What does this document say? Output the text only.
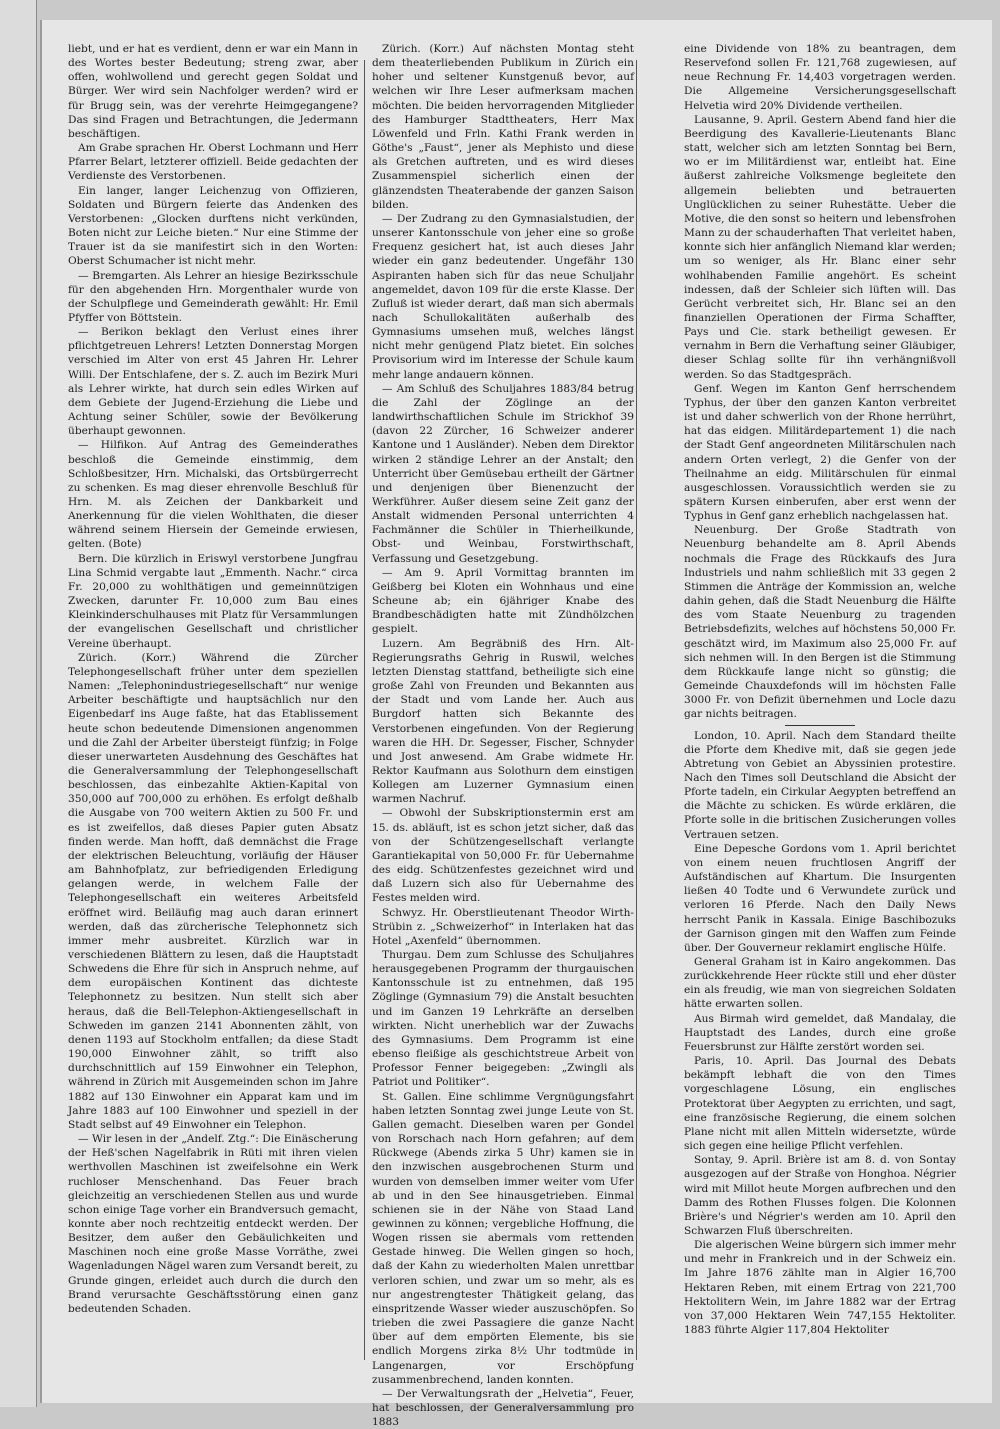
liebt, und er hat es verdient, denn er war ein Mann in des Wortes bester Bedeutung; streng zwar, aber offen, wohlwollend und gerecht gegen Soldat und Bürger. Wer wird sein Nachfolger werden? wird er für Brugg sein, was der verehrte Heimgegangene? Das sind Fragen und Betrachtungen, die Jedermann beschäftigen.

Am Grabe sprachen Hr. Oberst Lochmann und Herr Pfarrer Belart, letzterer offiziell. Beide gedachten der Verdienste des Verstorbenen.

Ein langer, langer Leichenzug von Offizieren, Soldaten und Bürgern feierte das Andenken des Verstorbenen: „Glocken durftens nicht verkünden, Boten nicht zur Leiche bieten.“ Nur eine Stimme der Trauer ist da sie manifestirt sich in den Worten: Oberst Schumacher ist nicht mehr.

— Bremgarten. Als Lehrer an hiesige Bezirksschule für den abgehenden Hrn. Morgenthaler wurde von der Schulpflege und Gemeinderath gewählt: Hr. Emil Pfyffer von Böttstein.

— Berikon beklagt den Verlust eines ihrer pflichtgetreuen Lehrers! Letzten Donnerstag Morgen verschied im Alter von erst 45 Jahren Hr. Lehrer Willi. Der Entschlafene, der s. Z. auch im Bezirk Muri als Lehrer wirkte, hat durch sein edles Wirken auf dem Gebiete der Jugend-Erziehung die Liebe und Achtung seiner Schüler, sowie der Bevölkerung überhaupt gewonnen.

— Hilfikon. Auf Antrag des Gemeinderathes beschloß die Gemeinde einstimmig, dem Schloßbesitzer, Hrn. Michalski, das Ortsbürgerrecht zu schenken. Es mag dieser ehrenvolle Beschluß für Hrn. M. als Zeichen der Dankbarkeit und Anerkennung für die vielen Wohlthaten, die dieser während seinem Hiersein der Gemeinde erwiesen, gelten. (Bote)

Bern. Die kürzlich in Eriswyl verstorbene Jungfrau Lina Schmid vergabte laut „Emmenth. Nachr.“ circa Fr. 20,000 zu wohlthätigen und gemeinnützigen Zwecken, darunter Fr. 10,000 zum Bau eines Kleinkinderschulhauses mit Platz für Versammlungen der evangelischen Gesellschaft und christlicher Vereine überhaupt.

Zürich. (Korr.) Während die Zürcher Telephongesellschaft früher unter dem speziellen Namen: „Telephonindustriegesellschaft“ nur wenige Arbeiter beschäftigte und hauptsächlich nur den Eigenbedarf ins Auge faßte, hat das Etablissement heute schon bedeutende Dimensionen angenommen und die Zahl der Arbeiter übersteigt fünfzig; in Folge dieser unerwarteten Ausdehnung des Geschäftes hat die Generalversammlung der Telephongesellschaft beschlossen, das einbezahlte Aktien-Kapital von 350,000 auf 700,000 zu erhöhen. Es erfolgt deßhalb die Ausgabe von 700 weitern Aktien zu 500 Fr. und es ist zweifellos, daß dieses Papier guten Absatz finden werde. Man hofft, daß demnächst die Frage der elektrischen Beleuchtung, vorläufig der Häuser am Bahnhofplatz, zur befriedigenden Erledigung gelangen werde, in welchem Falle der Telephongesellschaft ein weiteres Arbeitsfeld eröffnet wird. Beiläufig mag auch daran erinnert werden, daß das zürcherische Telephonnetz sich immer mehr ausbreitet. Kürzlich war in verschiedenen Blättern zu lesen, daß die Hauptstadt Schwedens die Ehre für sich in Anspruch nehme, auf dem europäischen Kontinent das dichteste Telephonnetz zu besitzen. Nun stellt sich aber heraus, daß die Bell-Telephon-Aktiengesellschaft in Schweden im ganzen 2141 Abonnenten zählt, von denen 1193 auf Stockholm entfallen; da diese Stadt 190,000 Einwohner zählt, so trifft also durchschnittlich auf 159 Einwohner ein Telephon, während in Zürich mit Ausgemeinden schon im Jahre 1882 auf 130 Einwohner ein Apparat kam und im Jahre 1883 auf 100 Einwohner und speziell in der Stadt selbst auf 49 Einwohner ein Telephon.

— Wir lesen in der „Andelf. Ztg.“: Die Einäscherung der Heß'schen Nagelfabrik in Rüti mit ihren vielen werthvollen Maschinen ist zweifelsohne ein Werk ruchloser Menschenhand. Das Feuer brach gleichzeitig an verschiedenen Stellen aus und wurde schon einige Tage vorher ein Brandversuch gemacht, konnte aber noch rechtzeitig entdeckt werden. Der Besitzer, dem außer den Gebäulichkeiten und Maschinen noch eine große Masse Vorräthe, zwei Wagenladungen Nägel waren zum Versandt bereit, zu Grunde gingen, erleidet auch durch die durch den Brand verursachte Geschäftsstörung einen ganz bedeutenden Schaden.

Zürich. (Korr.) Auf nächsten Montag steht dem theaterliebenden Publikum in Zürich ein hoher und seltener Kunstgenuß bevor, auf welchen wir Ihre Leser aufmerksam machen möchten. Die beiden hervorragenden Mitglieder des Hamburger Stadttheaters, Herr Max Löwenfeld und Frln. Kathi Frank werden in Göthe's „Faust“, jener als Mephisto und diese als Gretchen auftreten, und es wird dieses Zusammenspiel sicherlich einen der glänzendsten Theaterabende der ganzen Saison bilden.

— Der Zudrang zu den Gymnasialstudien, der unserer Kantonsschule von jeher eine so große Frequenz gesichert hat, ist auch dieses Jahr wieder ein ganz bedeutender. Ungefähr 130 Aspiranten haben sich für das neue Schuljahr angemeldet, davon 109 für die erste Klasse. Der Zufluß ist wieder derart, daß man sich abermals nach Schullokalitäten außerhalb des Gymnasiums umsehen muß, welches längst nicht mehr genügend Platz bietet. Ein solches Provisorium wird im Interesse der Schule kaum mehr lange andauern können.

— Am Schluß des Schuljahres 1883/84 betrug die Zahl der Zöglinge an der landwirthschaftlichen Schule im Strickhof 39 (davon 22 Zürcher, 16 Schweizer anderer Kantone und 1 Ausländer). Neben dem Direktor wirken 2 ständige Lehrer an der Anstalt; den Unterricht über Gemüsebau ertheilt der Gärtner und denjenigen über Bienenzucht der Werkführer. Außer diesem seine Zeit ganz der Anstalt widmenden Personal unterrichten 4 Fachmänner die Schüler in Thierheilkunde, Obst- und Weinbau, Forstwirthschaft, Verfassung und Gesetzgebung.

— Am 9. April Vormittag brannten im Geißberg bei Kloten ein Wohnhaus und eine Scheune ab; ein 6jähriger Knabe des Brandbeschädigten hatte mit Zündhölzchen gespielt.

Luzern. Am Begräbniß des Hrn. Alt-Regierungsraths Gehrig in Ruswil, welches letzten Dienstag stattfand, betheiligte sich eine große Zahl von Freunden und Bekannten aus der Stadt und vom Lande her. Auch aus Burgdorf hatten sich Bekannte des Verstorbenen eingefunden. Von der Regierung waren die HH. Dr. Segesser, Fischer, Schnyder und Jost anwesend. Am Grabe widmete Hr. Rektor Kaufmann aus Solothurn dem einstigen Kollegen am Luzerner Gymnasium einen warmen Nachruf.

— Obwohl der Subskriptionstermin erst am 15. ds. abläuft, ist es schon jetzt sicher, daß das von der Schützengesellschaft verlangte Garantiekapital von 50,000 Fr. für Uebernahme des eidg. Schützenfestes gezeichnet wird und daß Luzern sich also für Uebernahme des Festes melden wird.

Schwyz. Hr. Oberstlieutenant Theodor Wirth-Strübin z. „Schweizerhof“ in Interlaken hat das Hotel „Axenfeld“ übernommen.

Thurgau. Dem zum Schlusse des Schuljahres herausgegebenen Programm der thurgauischen Kantonsschule ist zu entnehmen, daß 195 Zöglinge (Gymnasium 79) die Anstalt besuchten und im Ganzen 19 Lehrkräfte an derselben wirkten. Nicht unerheblich war der Zuwachs des Gymnasiums. Dem Programm ist eine ebenso fleißige als geschichtstreue Arbeit von Professor Fenner beigegeben: „Zwingli als Patriot und Politiker“.

St. Gallen. Eine schlimme Vergnügungsfahrt haben letzten Sonntag zwei junge Leute von St. Gallen gemacht. Dieselben waren per Gondel von Rorschach nach Horn gefahren; auf dem Rückwege (Abends zirka 5 Uhr) kamen sie in den inzwischen ausgebrochenen Sturm und wurden von demselben immer weiter vom Ufer ab und in den See hinausgetrieben. Einmal schienen sie in der Nähe von Staad Land gewinnen zu können; vergebliche Hoffnung, die Wogen rissen sie abermals vom rettenden Gestade hinweg. Die Wellen gingen so hoch, daß der Kahn zu wiederholten Malen unrettbar verloren schien, und zwar um so mehr, als es nur angestrengtester Thätigkeit gelang, das einspritzende Wasser wieder auszuschöpfen. So trieben die zwei Passagiere die ganze Nacht über auf dem empörten Elemente, bis sie endlich Morgens zirka 8½ Uhr todtmüde in Langenargen, vor Erschöpfung zusammenbrechend, landen konnten.

— Der Verwaltungsrath der „Helvetia“, Feuer, hat beschlossen, der Generalversammlung pro 1883

eine Dividende von 18% zu beantragen, dem Reservefond sollen Fr. 121,768 zugewiesen, auf neue Rechnung Fr. 14,403 vorgetragen werden. Die Allgemeine Versicherungsgesellschaft Helvetia wird 20% Dividende vertheilen.

Lausanne, 9. April. Gestern Abend fand hier die Beerdigung des Kavallerie-Lieutenants Blanc statt, welcher sich am letzten Sonntag bei Bern, wo er im Militärdienst war, entleibt hat. Eine äußerst zahlreiche Volksmenge begleitete den allgemein beliebten und betrauerten Unglücklichen zu seiner Ruhestätte. Ueber die Motive, die den sonst so heitern und lebensfrohen Mann zu der schauderhaften That verleitet haben, konnte sich hier anfänglich Niemand klar werden; um so weniger, als Hr. Blanc einer sehr wohlhabenden Familie angehört. Es scheint indessen, daß der Schleier sich lüften will. Das Gerücht verbreitet sich, Hr. Blanc sei an den finanziellen Operationen der Firma Schaffter, Pays und Cie. stark betheiligt gewesen. Er vernahm in Bern die Verhaftung seiner Gläubiger, dieser Schlag sollte für ihn verhängnißvoll werden. So das Stadtgespräch.

Genf. Wegen im Kanton Genf herrschendem Typhus, der über den ganzen Kanton verbreitet ist und daher schwerlich von der Rhone herrührt, hat das eidgen. Militärdepartement 1) die nach der Stadt Genf angeordneten Militärschulen nach andern Orten verlegt, 2) die Genfer von der Theilnahme an eidg. Militärschulen für einmal ausgeschlossen. Voraussichtlich werden sie zu spätern Kursen einberufen, aber erst wenn der Typhus in Genf ganz erheblich nachgelassen hat.

Neuenburg. Der Große Stadtrath von Neuenburg behandelte am 8. April Abends nochmals die Frage des Rückkaufs des Jura Industriels und nahm schließlich mit 33 gegen 2 Stimmen die Anträge der Kommission an, welche dahin gehen, daß die Stadt Neuenburg die Hälfte des vom Staate Neuenburg zu tragenden Betriebsdefizits, welches auf höchstens 50,000 Fr. geschätzt wird, im Maximum also 25,000 Fr. auf sich nehmen will. In den Bergen ist die Stimmung dem Rückkaufe lange nicht so günstig; die Gemeinde Chauxdefonds will im höchsten Falle 3000 Fr. von Defizit übernehmen und Locle dazu gar nichts beitragen.

London, 10. April. Nach dem Standard theilte die Pforte dem Khedive mit, daß sie gegen jede Abtretung von Gebiet an Abyssinien protestire. Nach den Times soll Deutschland die Absicht der Pforte tadeln, ein Cirkular Aegypten betreffend an die Mächte zu schicken. Es würde erklären, die Pforte solle in die britischen Zusicherungen volles Vertrauen setzen.

Eine Depesche Gordons vom 1. April berichtet von einem neuen fruchtlosen Angriff der Aufständischen auf Khartum. Die Insurgenten ließen 40 Todte und 6 Verwundete zurück und verloren 16 Pferde. Nach den Daily News herrscht Panik in Kassala. Einige Baschibozuks der Garnison gingen mit den Waffen zum Feinde über. Der Gouverneur reklamirt englische Hülfe.

General Graham ist in Kairo angekommen. Das zurückkehrende Heer rückte still und eher düster ein als freudig, wie man von siegreichen Soldaten hätte erwarten sollen.

Aus Birmah wird gemeldet, daß Mandalay, die Hauptstadt des Landes, durch eine große Feuersbrunst zur Hälfte zerstört worden sei.

Paris, 10. April. Das Journal des Debats bekämpft lebhaft die von den Times vorgeschlagene Lösung, ein englisches Protektorat über Aegypten zu errichten, und sagt, eine französische Regierung, die einem solchen Plane nicht mit allen Mitteln widersetzte, würde sich gegen eine heilige Pflicht verfehlen.

Sontay, 9. April. Brière ist am 8. d. von Sontay ausgezogen auf der Straße von Honghoa. Négrier wird mit Millot heute Morgen aufbrechen und den Damm des Rothen Flusses folgen. Die Kolonnen Brière's und Négrier's werden am 10. April den Schwarzen Fluß überschreiten.

Die algerischen Weine bürgern sich immer mehr und mehr in Frankreich und in der Schweiz ein. Im Jahre 1876 zählte man in Algier 16,700 Hektaren Reben, mit einem Ertrag von 221,700 Hektolitern Wein, im Jahre 1882 war der Ertrag von 37,000 Hektaren Wein 747,155 Hektoliter. 1883 führte Algier 117,804 Hektoliter
